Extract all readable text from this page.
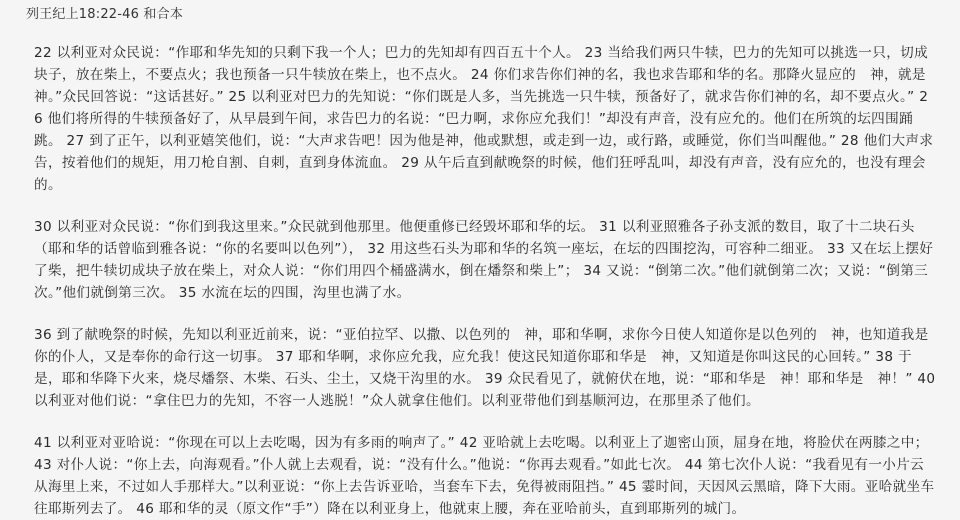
列王纪上18:22-46 和合本

22 以利亚对众民说：“作耶和华先知的只剩下我一个人；巴力的先知却有四百五十个人。 23 当给我们两只牛犊，巴力的先知可以挑选一只，切成块子，放在柴上，不要点火；我也预备一只牛犊放在柴上，也不点火。 24 你们求告你们神的名，我也求告耶和华的名。那降火显应的　神，就是　神。”众民回答说：“这话甚好。” 25 以利亚对巴力的先知说：“你们既是人多，当先挑选一只牛犊，预备好了，就求告你们神的名，却不要点火。” 26 他们将所得的牛犊预备好了，从早晨到午间，求告巴力的名说：“巴力啊，求你应允我们！”却没有声音，没有应允的。他们在所筑的坛四围踊跳。 27 到了正午，以利亚嬉笑他们，说：“大声求告吧！因为他是神，他或默想，或走到一边，或行路，或睡觉，你们当叫醒他。” 28 他们大声求告，按着他们的规矩，用刀枪自割、自刺，直到身体流血。 29 从午后直到献晚祭的时候，他们狂呼乱叫，却没有声音，没有应允的，也没有理会的。

30 以利亚对众民说：“你们到我这里来。”众民就到他那里。他便重修已经毁坏耶和华的坛。 31 以利亚照雅各子孙支派的数目，取了十二块石头（耶和华的话曾临到雅各说：“你的名要叫以色列”）， 32 用这些石头为耶和华的名筑一座坛，在坛的四围挖沟，可容种二细亚。 33 又在坛上摆好了柴，把牛犊切成块子放在柴上，对众人说：“你们用四个桶盛满水，倒在燔祭和柴上”； 34 又说：“倒第二次。”他们就倒第二次；又说：“倒第三次。”他们就倒第三次。 35 水流在坛的四围，沟里也满了水。

36 到了献晚祭的时候，先知以利亚近前来，说：“亚伯拉罕、以撒、以色列的　神，耶和华啊，求你今日使人知道你是以色列的　神，也知道我是你的仆人，又是奉你的命行这一切事。 37 耶和华啊，求你应允我，应允我！使这民知道你耶和华是　神，又知道是你叫这民的心回转。” 38 于是，耶和华降下火来，烧尽燔祭、木柴、石头、尘土，又烧干沟里的水。 39 众民看见了，就俯伏在地，说：“耶和华是　神！耶和华是　神！” 40 以利亚对他们说：“拿住巴力的先知，不容一人逃脱！”众人就拿住他们。以利亚带他们到基顺河边，在那里杀了他们。

41 以利亚对亚哈说：“你现在可以上去吃喝，因为有多雨的响声了。” 42 亚哈就上去吃喝。以利亚上了迦密山顶，屈身在地，将脸伏在两膝之中； 43 对仆人说：“你上去，向海观看。”仆人就上去观看，说：“没有什么。”他说：“你再去观看。”如此七次。 44 第七次仆人说：“我看见有一小片云从海里上来，不过如人手那样大。”以利亚说：“你上去告诉亚哈，当套车下去，免得被雨阻挡。” 45 霎时间，天因风云黑暗，降下大雨。亚哈就坐车往耶斯列去了。 46 耶和华的灵（原文作“手”）降在以利亚身上，他就束上腰，奔在亚哈前头，直到耶斯列的城门。
